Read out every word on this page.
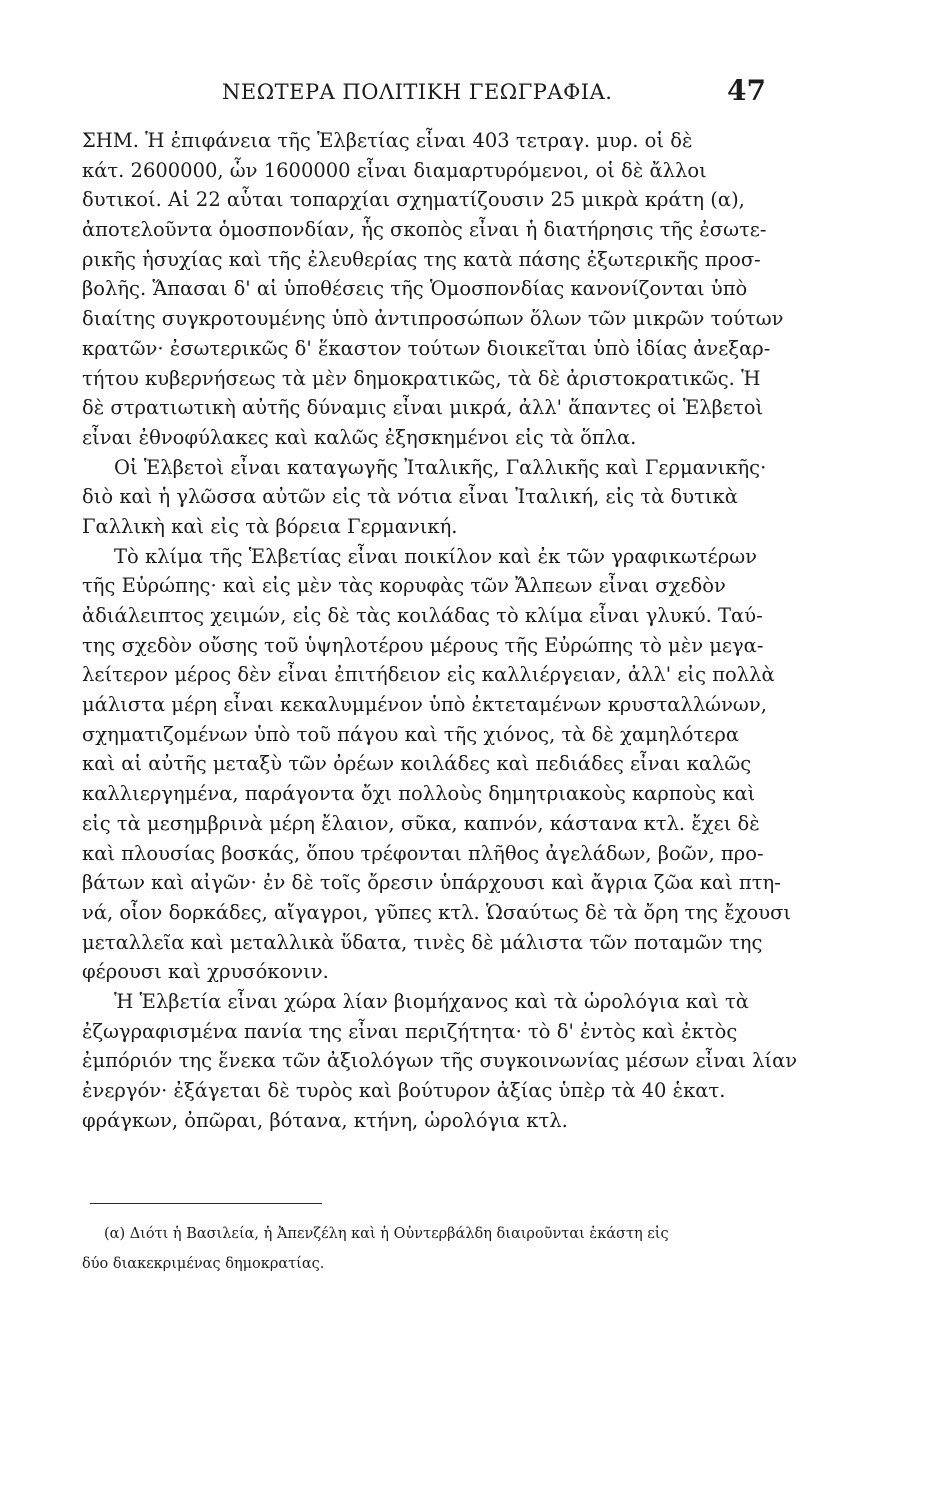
ΝΕΩΤΕΡΑ ΠΟΛΙΤΙΚΗ ΓΕΩΓΡΑΦΙΑ.	47
ΣΗΜ. Ἡ ἐπιφάνεια τῆς Ἑλβετίας εἶναι 403 τετραγ. μυρ. οἱ δὲ
κάτ. 2600000, ὧν 1600000 εἶναι διαμαρτυρόμενοι, οἱ δὲ ἄλλοι
δυτικοί. Αἱ 22 αὗται τοπαρχίαι σχηματίζουσιν 25 μικρὰ κράτη (α),
ἀποτελοῦντα ὁμοσπονδίαν, ἧς σκοπὸς εἶναι ἡ διατήρησις τῆς ἐσωτε-
ρικῆς ἡσυχίας καὶ τῆς ἐλευθερίας της κατὰ πάσης ἐξωτερικῆς προσ-
βολῆς. Ἅπασαι δ' αἱ ὑποθέσεις τῆς Ὁμοσπονδίας κανονίζονται ὑπὸ
διαίτης συγκροτουμένης ὑπὸ ἀντιπροσώπων ὅλων τῶν μικρῶν τούτων
κρατῶν· ἐσωτερικῶς δ' ἕκαστον τούτων διοικεῖται ὑπὸ ἰδίας ἀνεξαρ-
τήτου κυβερνήσεως τὰ μὲν δημοκρατικῶς, τὰ δὲ ἀριστοκρατικῶς. Ἡ
δὲ στρατιωτικὴ αὐτῆς δύναμις εἶναι μικρά, ἀλλ' ἅπαντες οἱ Ἑλβετοὶ
εἶναι ἐθνοφύλακες καὶ καλῶς ἐξησκημένοι εἰς τὰ ὅπλα.
Οἱ Ἑλβετοὶ εἶναι καταγωγῆς Ἰταλικῆς, Γαλλικῆς καὶ Γερμανικῆς·
διὸ καὶ ἡ γλῶσσα αὐτῶν εἰς τὰ νότια εἶναι Ἰταλική, εἰς τὰ δυτικὰ
Γαλλικὴ καὶ εἰς τὰ βόρεια Γερμανική.
Τὸ κλίμα τῆς Ἑλβετίας εἶναι ποικίλον καὶ ἐκ τῶν γραφικωτέρων
τῆς Εὐρώπης· καὶ εἰς μὲν τὰς κορυφὰς τῶν Ἄλπεων εἶναι σχεδὸν
ἀδιάλειπτος χειμών, εἰς δὲ τὰς κοιλάδας τὸ κλίμα εἶναι γλυκύ. Ταύ-
της σχεδὸν οὔσης τοῦ ὑψηλοτέρου μέρους τῆς Εὐρώπης τὸ μὲν μεγα-
λείτερον μέρος δὲν εἶναι ἐπιτήδειον εἰς καλλιέργειαν, ἀλλ' εἰς πολλὰ
μάλιστα μέρη εἶναι κεκαλυμμένον ὑπὸ ἐκτεταμένων κρυσταλλώνων,
σχηματιζομένων ὑπὸ τοῦ πάγου καὶ τῆς χιόνος, τὰ δὲ χαμηλότερα
καὶ αἱ αὐτῆς μεταξὺ τῶν ὀρέων κοιλάδες καὶ πεδιάδες εἶναι καλῶς
καλλιεργημένα, παράγοντα ὄχι πολλοὺς δημητριακοὺς καρποὺς καὶ
εἰς τὰ μεσημβρινὰ μέρη ἔλαιον, σῦκα, καπνόν, κάστανα κτλ. ἔχει δὲ
καὶ πλουσίας βοσκάς, ὅπου τρέφονται πλῆθος ἀγελάδων, βοῶν, προ-
βάτων καὶ αἰγῶν· ἐν δὲ τοῖς ὄρεσιν ὑπάρχουσι καὶ ἄγρια ζῶα καὶ πτη-
νά, οἷον δορκάδες, αἴγαγροι, γῦπες κτλ. Ὡσαύτως δὲ τὰ ὄρη της ἔχουσι
μεταλλεῖα καὶ μεταλλικὰ ὕδατα, τινὲς δὲ μάλιστα τῶν ποταμῶν της
φέρουσι καὶ χρυσόκονιν.
Ἡ Ἑλβετία εἶναι χώρα λίαν βιομήχανος καὶ τὰ ὡρολόγια καὶ τὰ
ἐζωγραφισμένα πανία της εἶναι περιζήτητα· τὸ δ' ἐντὸς καὶ ἐκτὸς
ἐμπόριόν της ἕνεκα τῶν ἀξιολόγων τῆς συγκοινωνίας μέσων εἶναι λίαν
ἐνεργόν· ἐξάγεται δὲ τυρὸς καὶ βούτυρον ἀξίας ὑπὲρ τὰ 40 ἑκατ.
φράγκων, ὀπῶραι, βότανα, κτήνη, ὡρολόγια κτλ.
(α) Διότι ἡ Βασιλεία, ἡ Ἀπενζέλη καὶ ἡ Οὐντερβάλδη διαιροῦνται ἑκάστη εἰς
δύο διακεκριμένας δημοκρατίας.
